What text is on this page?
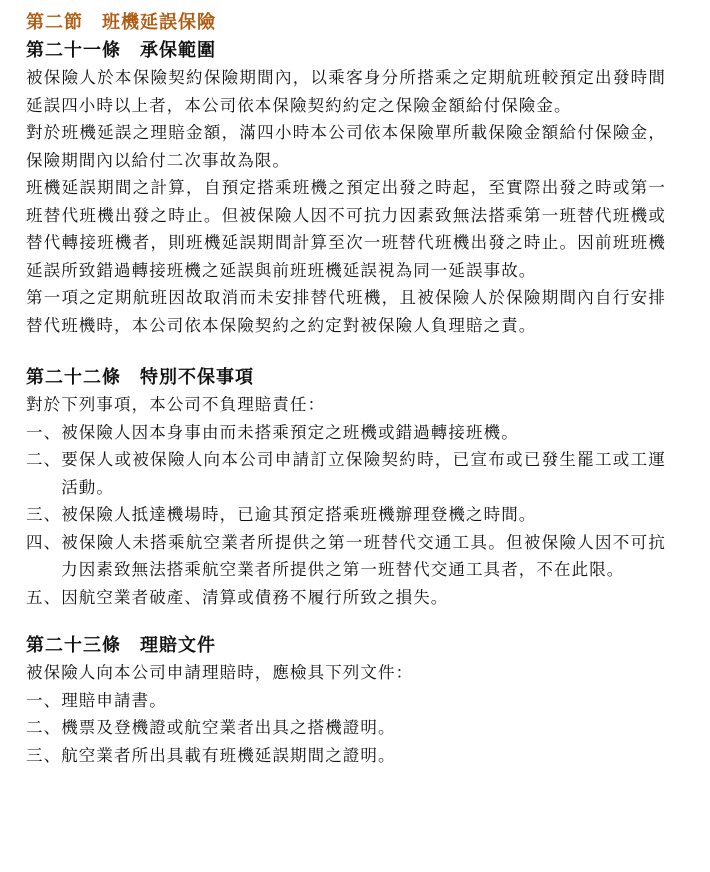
第二節　班機延誤保險
第二十一條　承保範圍

被保險人於本保險契約保險期間內，以乘客身分所搭乘之定期航班較預定出發時間延誤四小時以上者，本公司依本保險契約約定之保險金額給付保險金。

對於班機延誤之理賠金額，滿四小時本公司依本保險單所載保險金額給付保險金，保險期間內以給付二次事故為限。

班機延誤期間之計算，自預定搭乘班機之預定出發之時起，至實際出發之時或第一班替代班機出發之時止。但被保險人因不可抗力因素致無法搭乘第一班替代班機或替代轉接班機者，則班機延誤期間計算至次一班替代班機出發之時止。因前班班機延誤所致錯過轉接班機之延誤與前班班機延誤視為同一延誤事故。

第一項之定期航班因故取消而未安排替代班機，且被保險人於保險期間內自行安排替代班機時，本公司依本保險契約之約定對被保險人負理賠之責。

第二十二條　特別不保事項

對於下列事項，本公司不負理賠責任：

一、 被保險人因本身事由而未搭乘預定之班機或錯過轉接班機。
二、 要保人或被保險人向本公司申請訂立保險契約時，已宣布或已發生罷工或工運活動。
三、 被保險人抵達機場時，已逾其預定搭乘班機辦理登機之時間。
四、 被保險人未搭乘航空業者所提供之第一班替代交通工具。但被保險人因不可抗力因素致無法搭乘航空業者所提供之第一班替代交通工具者，不在此限。
五、 因航空業者破產、清算或債務不履行所致之損失。
第二十三條　理賠文件

被保險人向本公司申請理賠時，應檢具下列文件：

一、 理賠申請書。
二、 機票及登機證或航空業者出具之搭機證明。
三、 航空業者所出具載有班機延誤期間之證明。
